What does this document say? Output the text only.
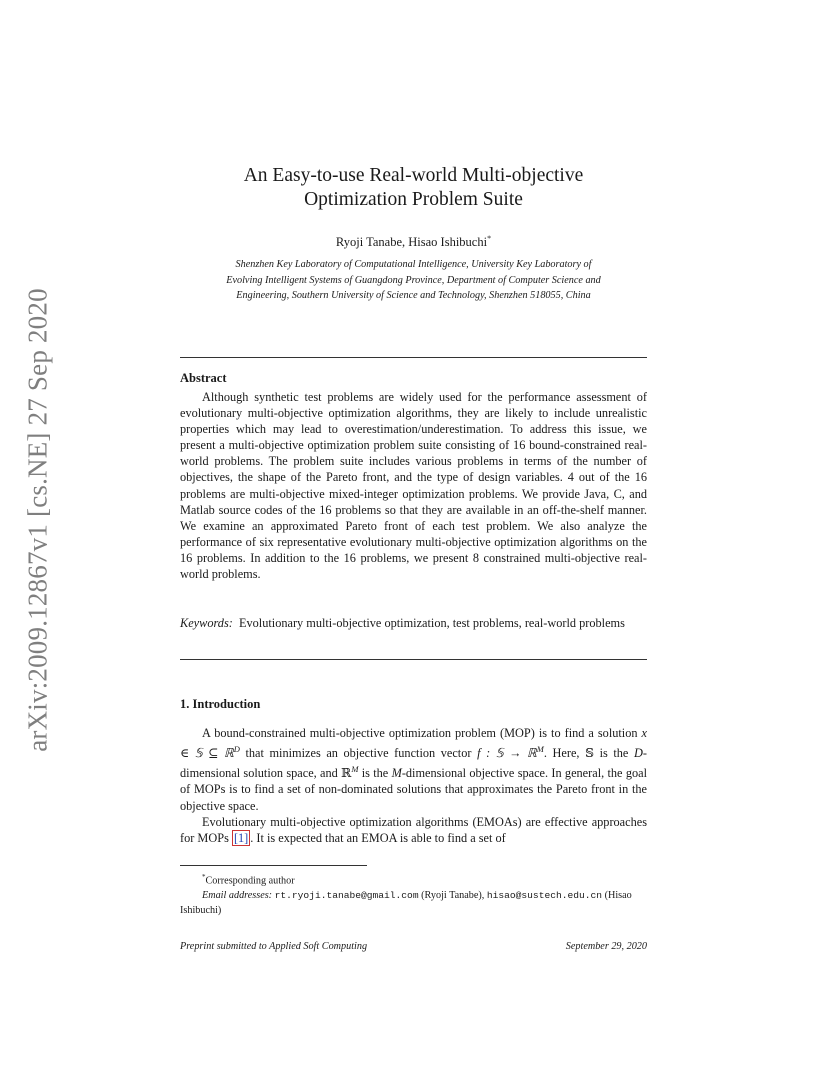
arXiv:2009.12867v1 [cs.NE] 27 Sep 2020
An Easy-to-use Real-world Multi-objective
Optimization Problem Suite
Ryoji Tanabe, Hisao Ishibuchi*
Shenzhen Key Laboratory of Computational Intelligence, University Key Laboratory of
Evolving Intelligent Systems of Guangdong Province, Department of Computer Science and
Engineering, Southern University of Science and Technology, Shenzhen 518055, China
Abstract
Although synthetic test problems are widely used for the performance assessment of evolutionary multi-objective optimization algorithms, they are likely to include unrealistic properties which may lead to overestimation/underestimation. To address this issue, we present a multi-objective optimization problem suite consisting of 16 bound-constrained real-world problems. The problem suite includes various problems in terms of the number of objectives, the shape of the Pareto front, and the type of design variables. 4 out of the 16 problems are multi-objective mixed-integer optimization problems. We provide Java, C, and Matlab source codes of the 16 problems so that they are available in an off-the-shelf manner. We examine an approximated Pareto front of each test problem. We also analyze the performance of six representative evolutionary multi-objective optimization algorithms on the 16 problems. In addition to the 16 problems, we present 8 constrained multi-objective real-world problems.
Keywords: Evolutionary multi-objective optimization, test problems, real-world problems
1. Introduction

A bound-constrained multi-objective optimization problem (MOP) is to find a solution x ∈ 𝕊 ⊆ ℝ$^D$ that minimizes an objective function vector f : 𝕊 → ℝ$^M$. Here, 𝕊 is the D-dimensional solution space, and ℝ$^M$ is the M-dimensional objective space. In general, the goal of MOPs is to find a set of non-dominated solutions that approximates the Pareto front in the objective space.

Evolutionary multi-objective optimization algorithms (EMOAs) are effective approaches for MOPs [1] . It is expected that an EMOA is able to find a set of

*Corresponding author
Email addresses: rt.ryoji.tanabe@gmail.com (Ryoji Tanabe), hisao@sustech.edu.cn (Hisao Ishibuchi)
Preprint submitted to Applied Soft Computing	September 29, 2020
